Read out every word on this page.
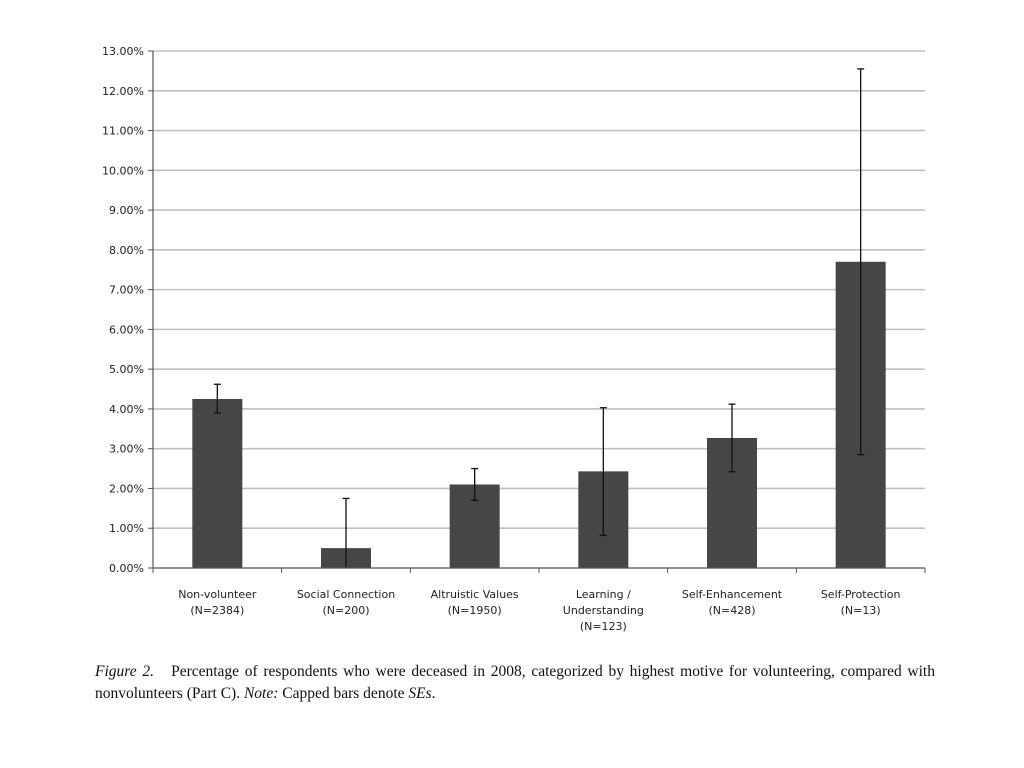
0.00%
1.00%
2.00%
3.00%
4.00%
5.00%
6.00%
7.00%
8.00%
9.00%
10.00%
11.00%
12.00%
13.00%
Non-volunteer (N=2384)
Social Connection (N=200)
Altruistic Values (N=1950)
Learning / Understanding (N=123)
Self-Enhancement (N=428)
Self-Protection (N=13)
Figure 2. Percentage of respondents who were deceased in 2008, categorized by highest motive for volunteering, compared with nonvolunteers (Part C). Note: Capped bars denote SEs.
